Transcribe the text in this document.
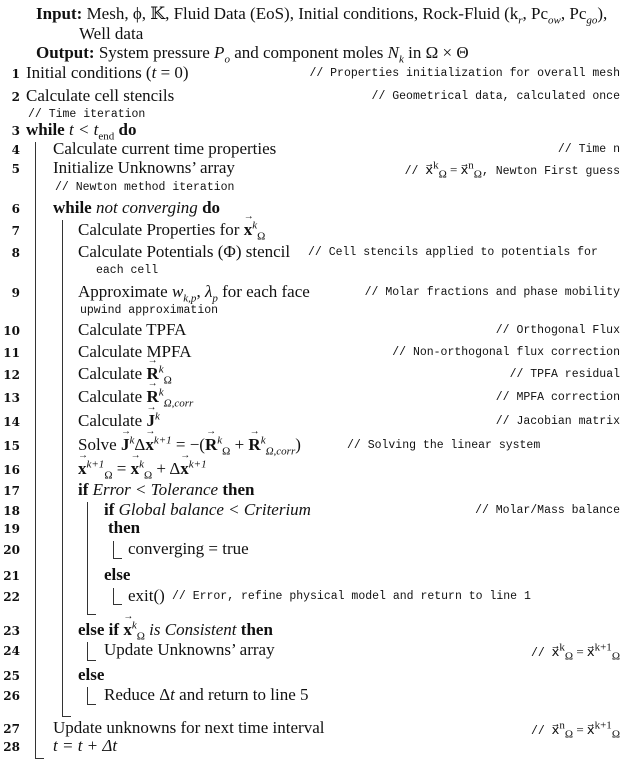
Input: Mesh, ϕ, 𝕂, Fluid Data (EoS), Initial conditions, Rock-Fluid ($k_r$, $Pc_{ow}$, $Pc_{go}$),
Well data
Output: System pressure $P_o$ and component moles $N_k$ in Ω × Θ
1 Initial conditions (t = 0)	// Properties initialization for overall mesh
2 Calculate cell stencils	// Geometrical data, calculated once
// Time iteration
3 while $t < t_{end}$ do
4 Calculate current time properties	// Time n
5 Initialize Unknowns’ array	// x⃗$^k_\Omega$ = x⃗$^n_\Omega$, Newton First guess
// Newton method iteration
6 while not converging do
7	Calculate Properties for → $x^k_\Omega$
8	Calculate Potentials (Φ) stencil // Cell stencils applied to potentials for
each cell
9	Approximate $w_{k,p}$, $\lambda_p$ for each face	// Molar fractions and phase mobility
upwind approximation
10	Calculate TPFA	// Orthogonal Flux
11	Calculate MPFA	// Non-orthogonal flux correction
12	Calculate → $R^k_\Omega$	// TPFA residual
13	Calculate → $R^k_{\Omega,corr}$	// MPFA correction
14	Calculate → $J^k$	// Jacobian matrix
15	Solve → $J^k\Delta\to x^{k+1}$ = −(→ $R^k_\Omega$ + → $R^k_{\Omega,corr}$)	// Solving the linear system
16	→ $x^{k+1}_\Omega$ = → $x^k_\Omega + \Delta\to x^{k+1}$
17	if Error < Tolerance then
18	if Global balance < Criterium	// Molar/Mass balance
19	then
20	converging = true
21	else
22	exit() // Error, refine physical model and return to line 1
23	else if → $x^k_\Omega$ is Consistent then
24	Update Unknowns’ array	// x⃗$^k_\Omega$ = x⃗$^{k+1}_\Omega$
25	else
26	Reduce Δt and return to line 5
27 Update unknowns for next time interval	// x⃗$^n_\Omega$ = x⃗$^{k+1}_\Omega$
28 t = t + Δt
